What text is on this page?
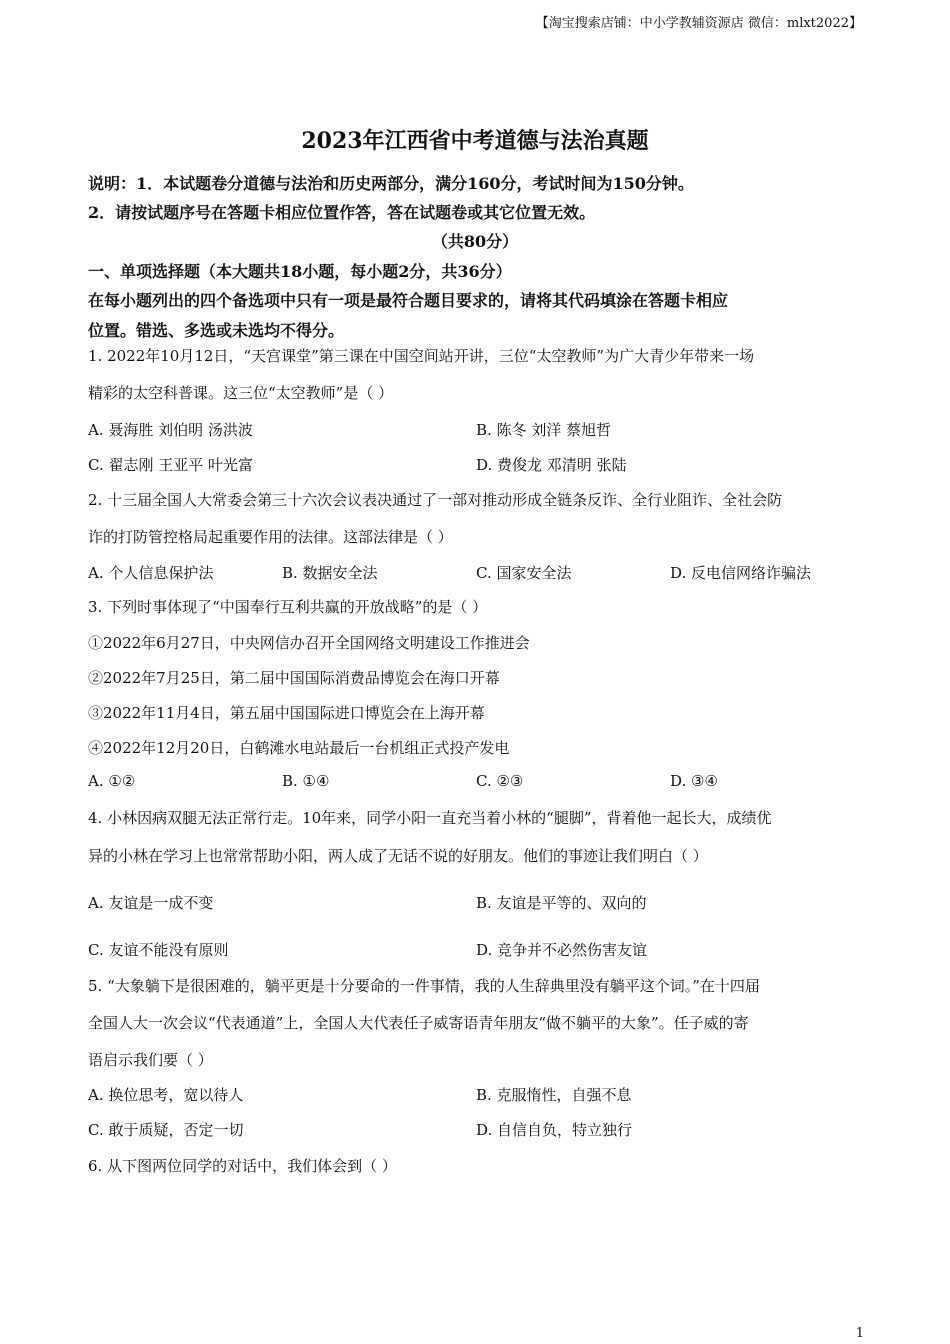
【淘宝搜索店铺：中小学教辅资源店 微信：mlxt2022】
2023年江西省中考道德与法治真题
说明：1．本试题卷分道德与法治和历史两部分，满分160分，考试时间为150分钟。
2．请按试题序号在答题卡相应位置作答，答在试题卷或其它位置无效。
（共80分）
一、单项选择题（本大题共18小题，每小题2分，共36分）
在每小题列出的四个备选项中只有一项是最符合题目要求的，请将其代码填涂在答题卡相应
位置。错选、多选或未选均不得分。
1. 2022年10月12日，“天宫课堂”第三课在中国空间站开讲，三位“太空教师”为广大青少年带来一场
精彩的太空科普课。这三位“太空教师”是（ ）
A. 聂海胜 刘伯明 汤洪波	B. 陈冬 刘洋 蔡旭哲
C. 翟志刚 王亚平 叶光富	D. 费俊龙 邓清明 张陆
2. 十三届全国人大常委会第三十六次会议表决通过了一部对推动形成全链条反诈、全行业阻诈、全社会防
诈的打防管控格局起重要作用的法律。这部法律是（ ）
A. 个人信息保护法	B. 数据安全法	C. 国家安全法	D. 反电信网络诈骗法
3. 下列时事体现了“中国奉行互利共赢的开放战略”的是（ ）
①2022年6月27日，中央网信办召开全国网络文明建设工作推进会
②2022年7月25日，第二届中国国际消费品博览会在海口开幕
③2022年11月4日，第五届中国国际进口博览会在上海开幕
④2022年12月20日，白鹤滩水电站最后一台机组正式投产发电
A. ①②	B. ①④	C. ②③	D. ③④
4. 小林因病双腿无法正常行走。10年来，同学小阳一直充当着小林的“腿脚”，背着他一起长大，成绩优
异的小林在学习上也常常帮助小阳，两人成了无话不说的好朋友。他们的事迹让我们明白（ ）
A. 友谊是一成不变	B. 友谊是平等的、双向的
C. 友谊不能没有原则	D. 竞争并不必然伤害友谊
5. “大象躺下是很困难的，躺平更是十分要命的一件事情，我的人生辞典里没有躺平这个词。”在十四届
全国人大一次会议“代表通道”上，全国人大代表任子威寄语青年朋友“做不躺平的大象”。任子威的寄
语启示我们要（ ）
A. 换位思考，宽以待人	B. 克服惰性，自强不息
C. 敢于质疑，否定一切	D. 自信自负，特立独行
6. 从下图两位同学的对话中，我们体会到（ ）
1
